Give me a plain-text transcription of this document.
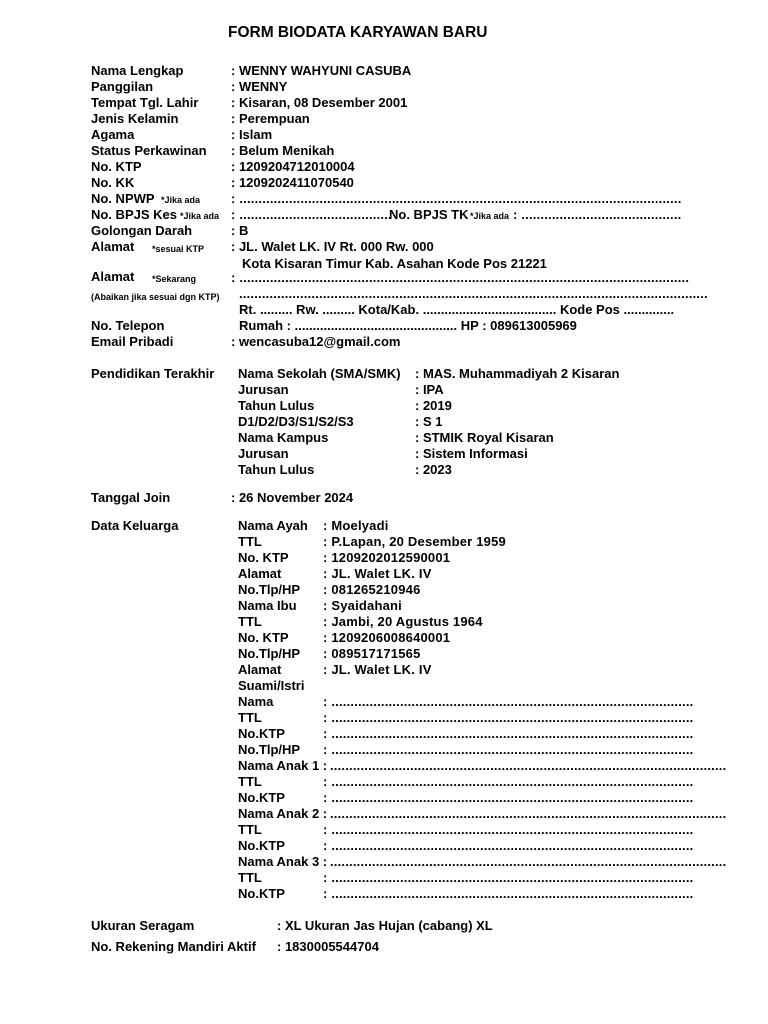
FORM BIODATA KARYAWAN BARU
Nama Lengkap	: WENNY WAHYUNI CASUBA
Panggilan	: WENNY
Tempat Tgl. Lahir	: Kisaran, 08 Desember 2001
Jenis Kelamin	: Perempuan
Agama	: Islam
Status Perkawinan : Belum Menikah
No. KTP	: 1209204712010004
No. KK	: 1209202411070540
No. NPWP *Jika ada : ....................................................................................................................
No. BPJS Kes *Jika ada : ........................................
No. BPJS TK *Jika ada : ..........................................
Golongan Darah	: B
Alamat *sesuai KTP : JL. Walet LK. IV Rt. 000 Rw. 000
Kota Kisaran Timur Kab. Asahan Kode Pos 21221
Alamat *Sekarang	: ......................................................................................................................
(Abaikan jika sesuai dgn KTP) ...........................................................................................................................
Rt. ......... Rw. ......... Kota/Kab. ..................................... Kode Pos ..............
No. Telepon	Rumah : ............................................. HP : 089613005969
Email Pribadi	: wencasuba12@gmail.com
Pendidikan Terakhir Nama Sekolah (SMA/SMK) : MAS. Muhammadiyah 2 Kisaran
Jurusan	: IPA
Tahun Lulus	: 2019
D1/D2/D3/S1/S2/S3	: S 1
Nama Kampus	: STMIK Royal Kisaran
Jurusan	: Sistem Informasi
Tahun Lulus	: 2023
Tanggal Join	: 26 November 2024
Data Keluarga	Nama Ayah : Moelyadi
TTL	: P.Lapan, 20 Desember 1959
No. KTP	: 1209202012590001
Alamat	: JL. Walet LK. IV
No.Tlp/HP : 081265210946
Nama Ibu : Syaidahani
TTL	: Jambi, 20 Agustus 1964
No. KTP	: 1209206008640001
No.Tlp/HP : 089517171565
Alamat	: JL. Walet LK. IV
Suami/Istri
Nama	: ...............................................................................................
TTL	: ...............................................................................................
No.KTP	: ...............................................................................................
No.Tlp/HP : ...............................................................................................
Nama Anak 1 : ........................................................................................................
TTL	: ...............................................................................................
No.KTP	: ...............................................................................................
Nama Anak 2 : ........................................................................................................
TTL	: ...............................................................................................
No.KTP	: ...............................................................................................
Nama Anak 3 : ........................................................................................................
TTL	: ...............................................................................................
No.KTP	: ...............................................................................................
Ukuran Seragam	: XL Ukuran Jas Hujan (cabang) XL
No. Rekening Mandiri Aktif : 1830005544704
